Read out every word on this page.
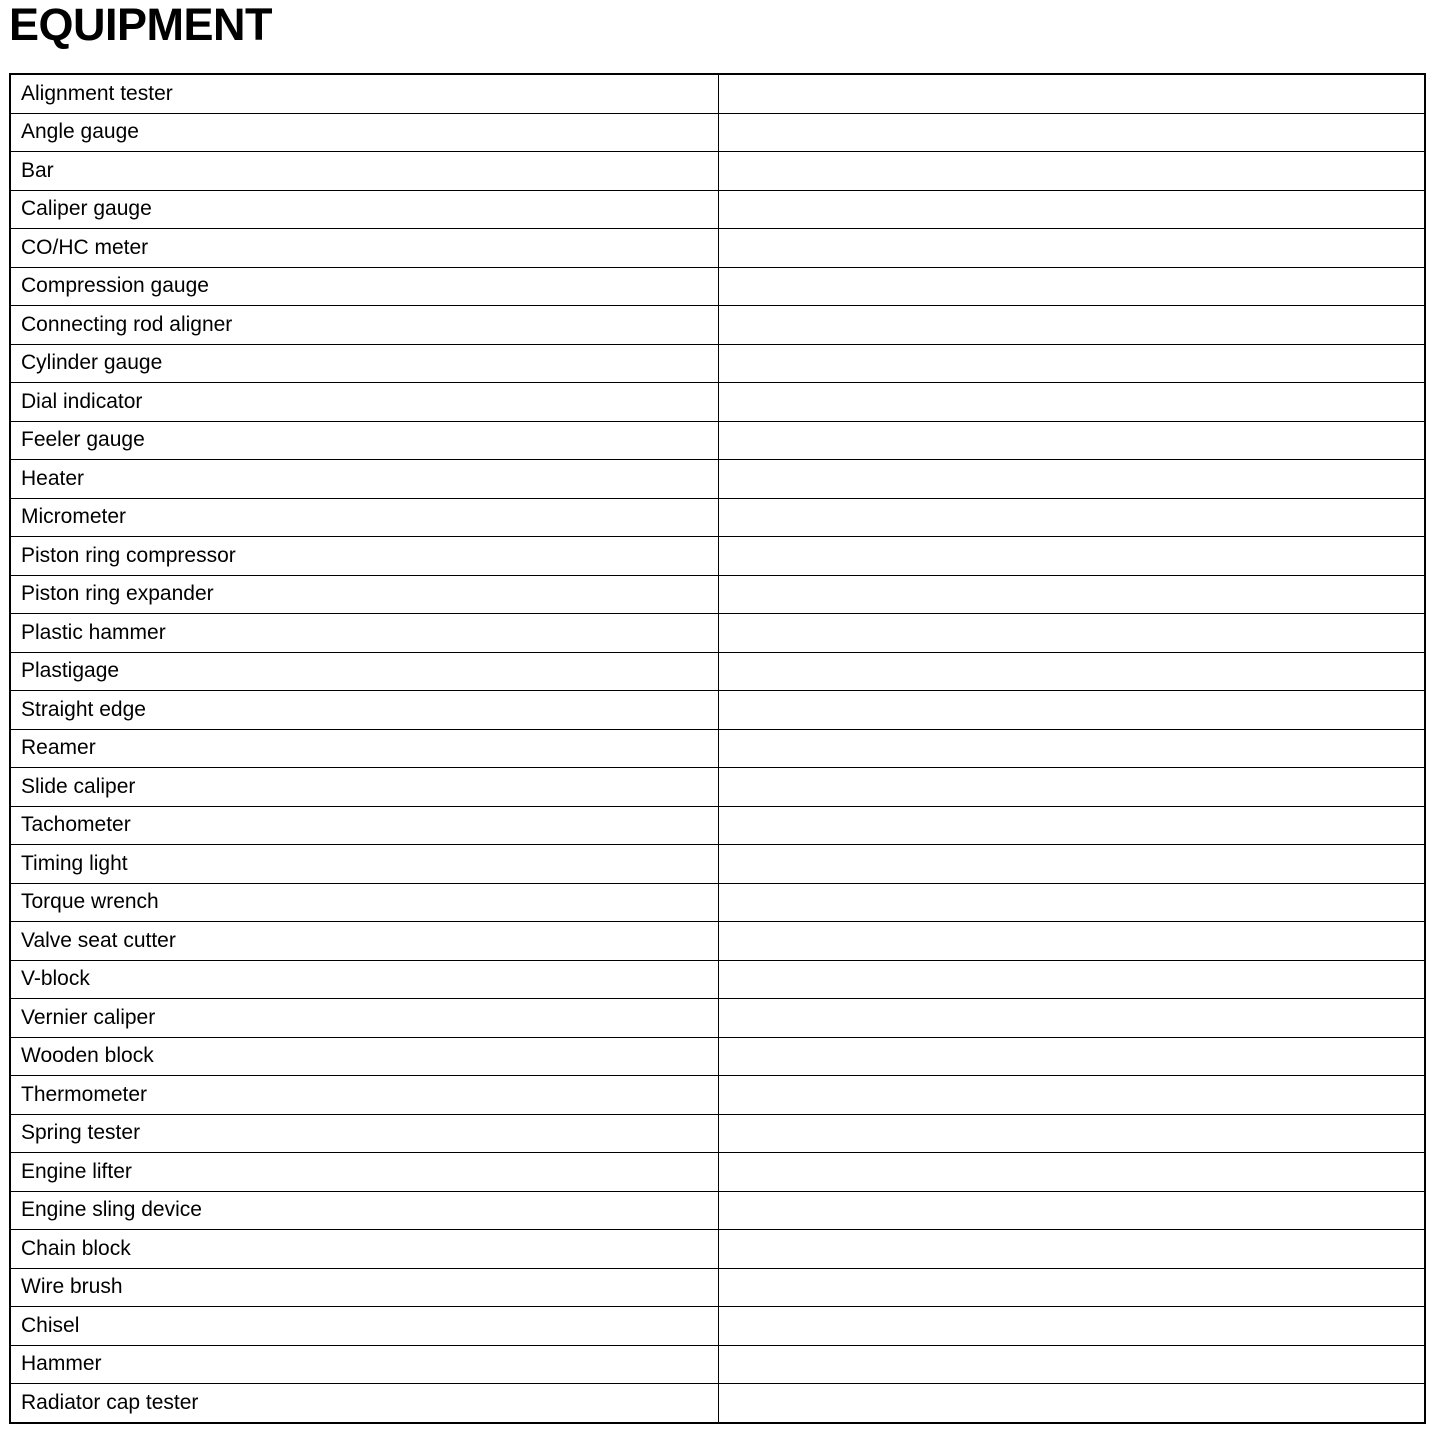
EQUIPMENT
Alignment tester	
Angle gauge	
Bar	
Caliper gauge	
CO/HC meter	
Compression gauge	
Connecting rod aligner	
Cylinder gauge	
Dial indicator	
Feeler gauge	
Heater	
Micrometer	
Piston ring compressor	
Piston ring expander	
Plastic hammer	
Plastigage	
Straight edge	
Reamer	
Slide caliper	
Tachometer	
Timing light	
Torque wrench	
Valve seat cutter	
V-block	
Vernier caliper	
Wooden block	
Thermometer	
Spring tester	
Engine lifter	
Engine sling device	
Chain block	
Wire brush	
Chisel	
Hammer	
Radiator cap tester	
